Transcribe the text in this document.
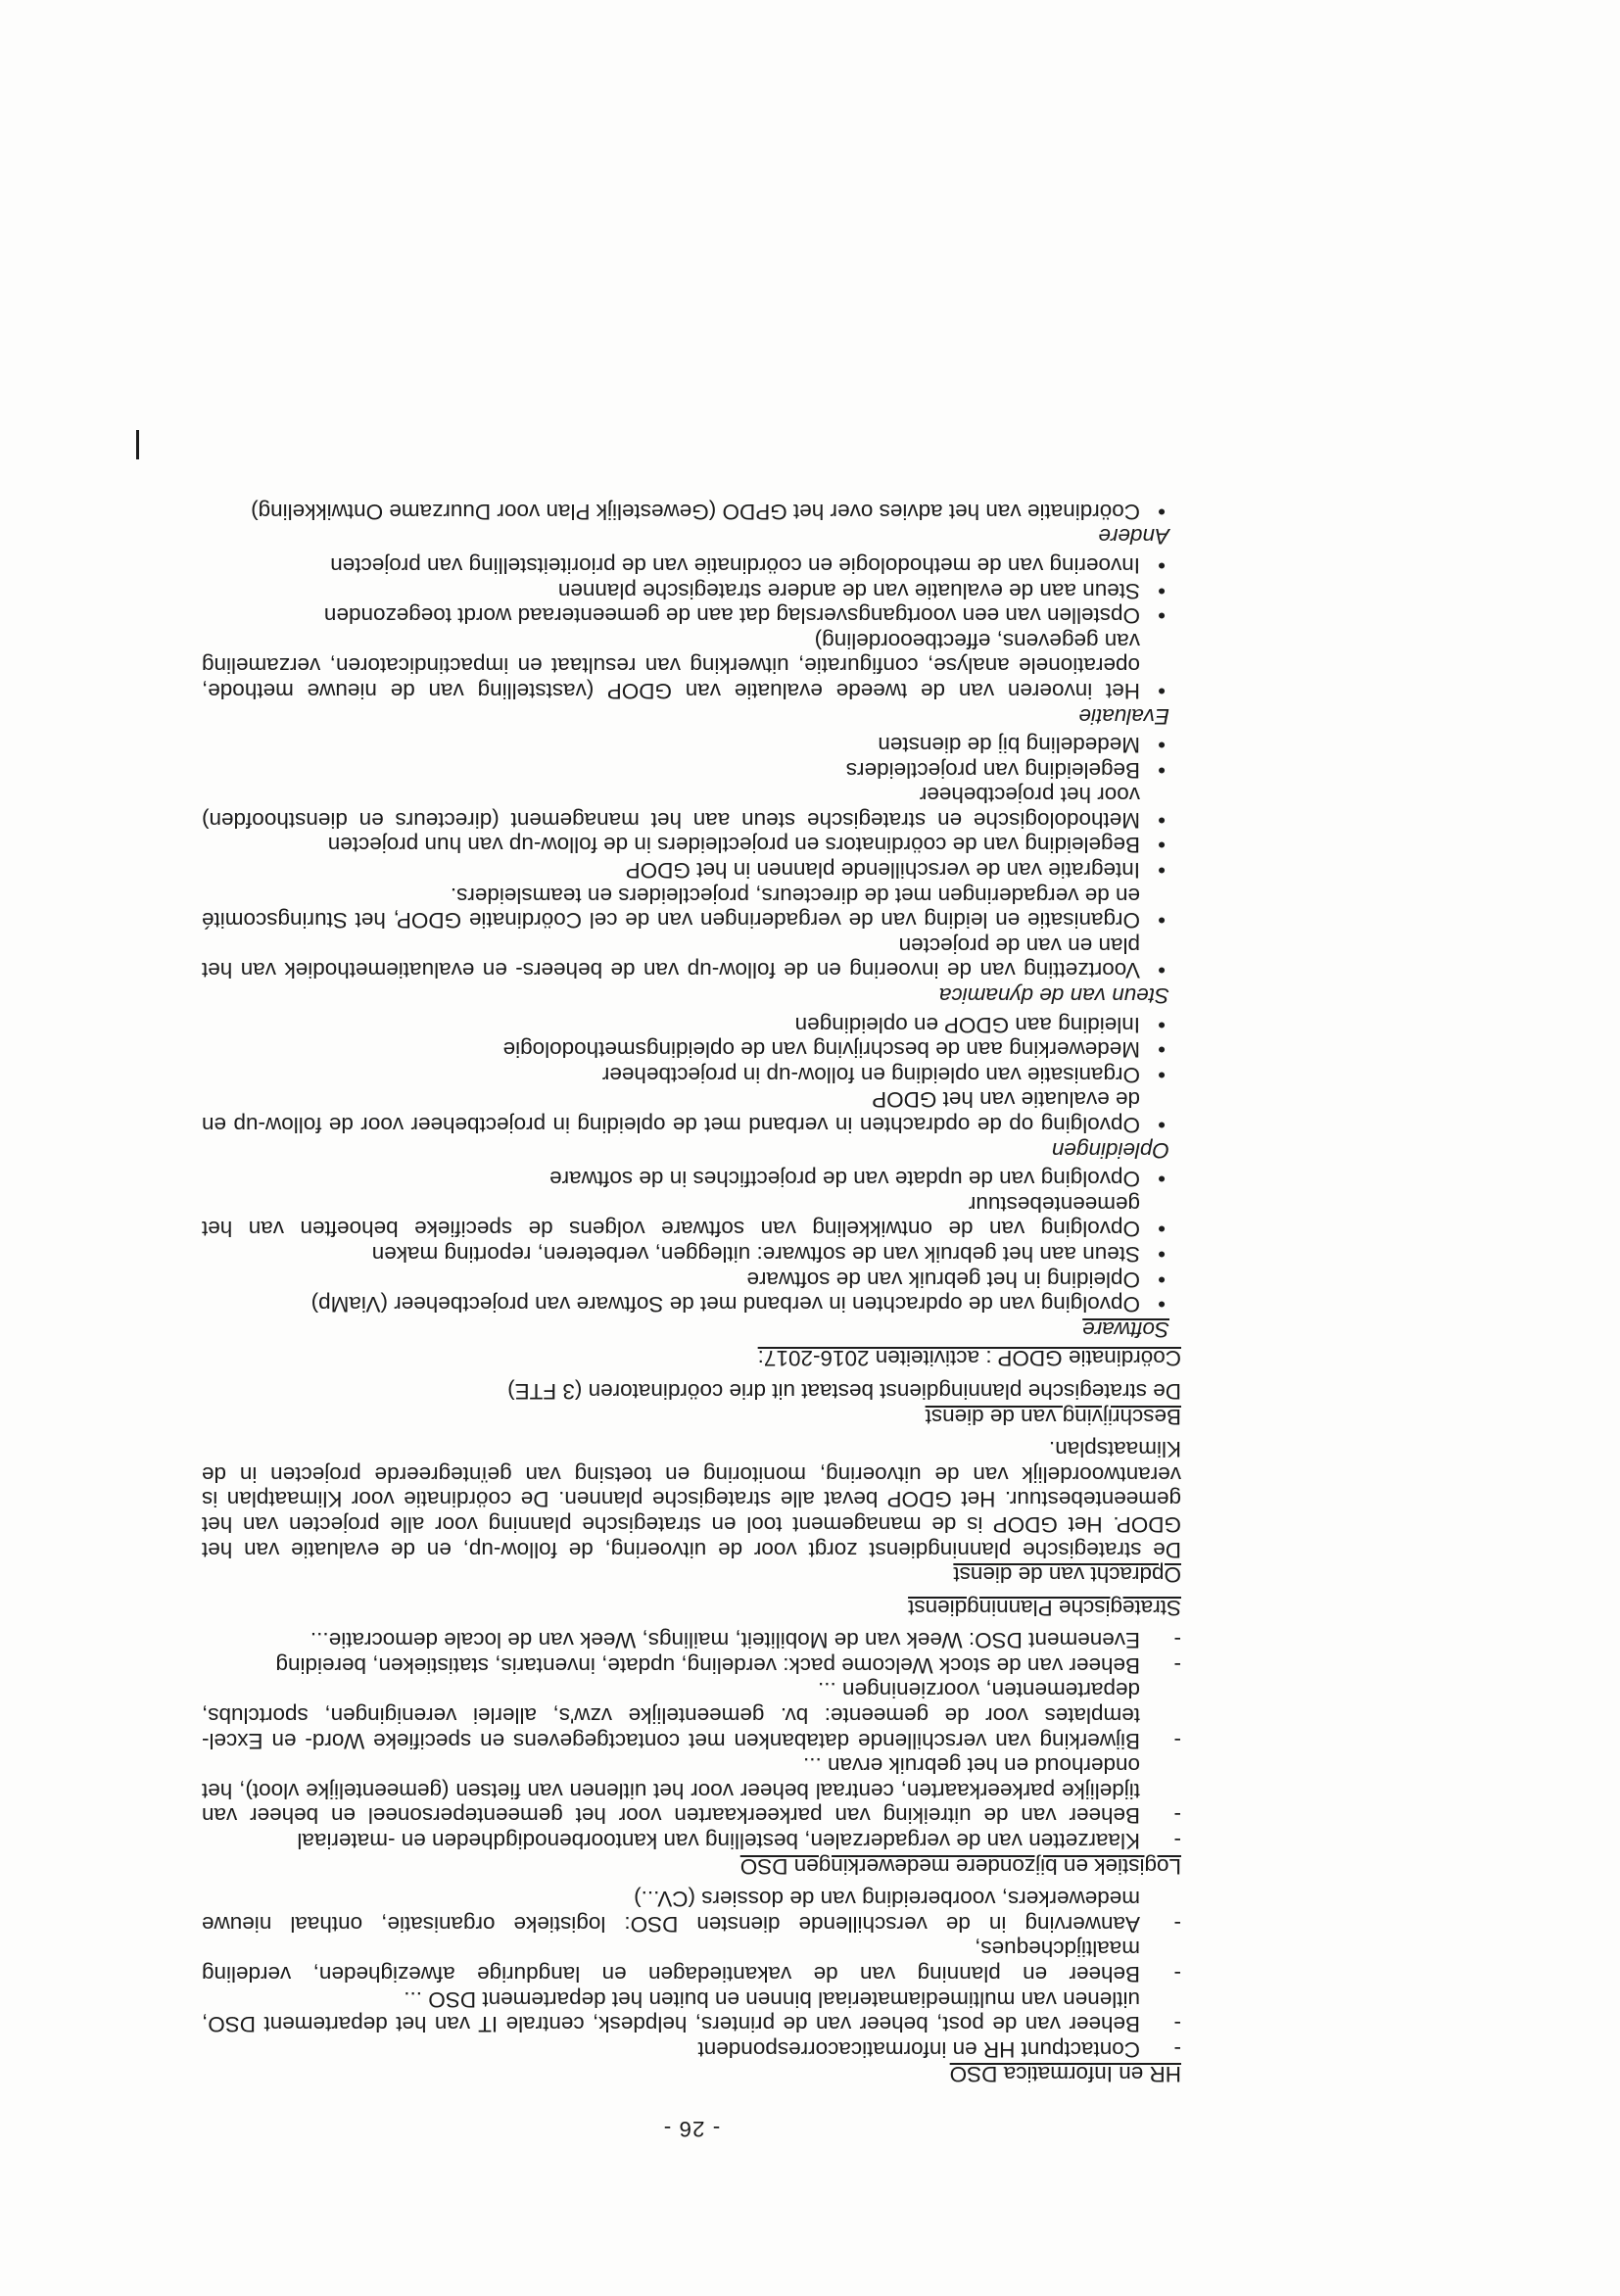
- 26 -
HR en Informatica DSO
- Contactpunt HR en informaticacorrespondent
- Beheer van de post, beheer van de printers, helpdesk, centrale IT van het departement DSO, uitlenen van multimediamateriaal binnen en buiten het departement DSO ...
- Beheer en planning van de vakantiedagen en langdurige afwezigheden, verdeling maaltijdcheques,
- Aanwerving in de verschillende diensten DSO: logistieke organisatie, onthaal nieuwe medewerkers, voorbereiding van de dossiers (CV...)
Logistiek en bijzondere medewerkingen DSO
- Klaarzetten van de vergaderzalen, bestelling van kantoorbenodigdheden en -materiaal
- Beheer van de uitreiking van parkeerkaarten voor het gemeentepersoneel en beheer van tijdelijke parkeerkaarten, centraal beheer voor het uitlenen van fietsen (gemeentelijke vloot), het onderhoud en het gebruik ervan ...
- Bijwerking van verschillende databanken met contactgegevens en specifieke Word- en Excel-templates voor de gemeente: bv. gemeentelijke vzw's, allerlei verenigingen, sportclubs, departementen, voorzieningen ...
- Beheer van de stock Welcome pack: verdeling, update, inventaris, statistieken, bereiding
- Evenement DSO: Week van de Mobiliteit, mailings, Week van de locale democratie...
Strategische Planningdienst
Opdracht van de dienst
De strategische planningdienst zorgt voor de uitvoering, de follow-up, en de evaluatie van het GDOP. Het GDOP is de management tool en strategische planning voor alle projecten van het gemeentebestuur. Het GDOP bevat alle strategische plannen. De coördinatie voor Klimaatplan is verantwoordelijk van de uitvoering, monitoring en toetsing van geïntegreerde projecten in de Klimaatsplan.
Beschrijving van de dienst
De strategische planningdienst bestaat uit drie coördinatoren (3 FTE)
Coördinatie GDOP : activiteiten 2016-2017:
Software
• Opvolging van de opdrachten in verband met de Software van projectbeheer (ViaMp)
• Opleiding in het gebruik van de software
• Steun aan het gebruik van de software: uitleggen, verbeteren, reporting maken
• Opvolging van de ontwikkeling van software volgens de specifieke behoeften van het gemeentebestuur
• Opvolging van de update van de projectfiches in de software
Opleidingen
• Opvolging op de opdrachten in verband met de opleiding in projectbeheer voor de follow-up en de evaluatie van het GDOP
• Organisatie van opleiding en follow-up in projectbeheer
• Medewerking aan de beschrijving van de opleidingsmethodologie
• Inleiding aan GDOP en opleidingen
Steun van de dynamica
• Voortzetting van de invoering en de follow-up van de beheers- en evaluatiemethodiek van het plan en van de projecten
• Organisatie en leiding van de vergaderingen van de cel Coördinatie GDOP, het Sturingscomité en de vergaderingen met de directeurs, projectleiders en teamsleiders.
• Integratie van de verschillende plannen in het GDOP
• Begeleiding van de coördinators en projectleiders in de follow-up van hun projecten
• Methodologische en strategische steun aan het management (directeurs en diensthoofden) voor het projectbeheer
• Begeleiding van projectleiders
• Mededeling bij de diensten
Evaluatie
• Het invoeren van de tweede evaluatie van GDOP (vaststelling van de nieuwe methode, operationele analyse, configuratie, uitwerking van resultaat en impactindicatoren, verzameling van gegevens, effectbeoordeling)
• Opstellen van een voortgangsverslag dat aan de gemeenteraad wordt toegezonden
• Steun aan de evaluatie van de andere strategische plannen
• Invoering van de methodologie en coördinatie van de prioriteitstelling van projecten
Andere
• Coördinatie van het advies over het GPDO (Gewestelijk Plan voor Duurzame Ontwikkeling)
